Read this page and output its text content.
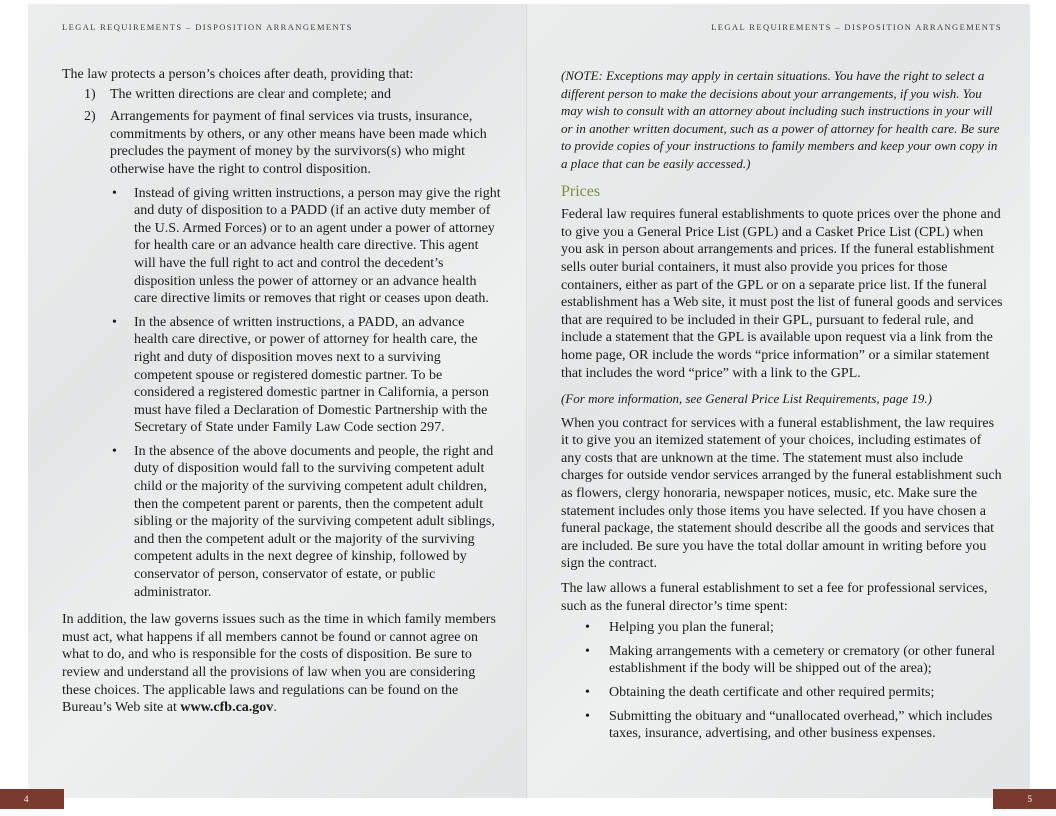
LEGAL REQUIREMENTS – DISPOSITION ARRANGEMENTS

The law protects a person’s choices after death, providing that:

1) The written directions are clear and complete; and
2) Arrangements for payment of final services via trusts, insurance, commitments by others, or any other means have been made which precludes the payment of money by the survivors(s) who might otherwise have the right to control disposition.
• Instead of giving written instructions, a person may give the right and duty of disposition to a PADD (if an active duty member of the U.S. Armed Forces) or to an agent under a power of attorney for health care or an advance health care directive. This agent will have the full right to act and control the decedent’s disposition unless the power of attorney or an advance health care directive limits or removes that right or ceases upon death.
• In the absence of written instructions, a PADD, an advance health care directive, or power of attorney for health care, the right and duty of disposition moves next to a surviving competent spouse or registered domestic partner. To be considered a registered domestic partner in California, a person must have filed a Declaration of Domestic Partnership with the Secretary of State under Family Law Code section 297.
• In the absence of the above documents and people, the right and duty of disposition would fall to the surviving competent adult child or the majority of the surviving competent adult children, then the competent parent or parents, then the competent adult sibling or the majority of the surviving competent adult siblings, and then the competent adult or the majority of the surviving competent adults in the next degree of kinship, followed by conservator of person, conservator of estate, or public administrator.

In addition, the law governs issues such as the time in which family members must act, what happens if all members cannot be found or cannot agree on what to do, and who is responsible for the costs of disposition. Be sure to review and understand all the provisions of law when you are considering these choices. The applicable laws and regulations can be found on the Bureau’s Web site at www.cfb.ca.gov.

LEGAL REQUIREMENTS – DISPOSITION ARRANGEMENTS

(NOTE: Exceptions may apply in certain situations. You have the right to select a different person to make the decisions about your arrangements, if you wish. You may wish to consult with an attorney about including such instructions in your will or in another written document, such as a power of attorney for health care. Be sure to provide copies of your instructions to family members and keep your own copy in a place that can be easily accessed.)

Prices

Federal law requires funeral establishments to quote prices over the phone and to give you a General Price List (GPL) and a Casket Price List (CPL) when you ask in person about arrangements and prices. If the funeral establishment sells outer burial containers, it must also provide you prices for those containers, either as part of the GPL or on a separate price list. If the funeral establishment has a Web site, it must post the list of funeral goods and services that are required to be included in their GPL, pursuant to federal rule, and include a statement that the GPL is available upon request via a link from the home page, OR include the words “price information” or a similar statement that includes the word “price” with a link to the GPL.

(For more information, see General Price List Requirements, page 19.)

When you contract for services with a funeral establishment, the law requires it to give you an itemized statement of your choices, including estimates of any costs that are unknown at the time. The statement must also include charges for outside vendor services arranged by the funeral establishment such as flowers, clergy honoraria, newspaper notices, music, etc. Make sure the statement includes only those items you have selected. If you have chosen a funeral package, the statement should describe all the goods and services that are included. Be sure you have the total dollar amount in writing before you sign the contract.

The law allows a funeral establishment to set a fee for professional services, such as the funeral director’s time spent:

• Helping you plan the funeral;
• Making arrangements with a cemetery or crematory (or other funeral establishment if the body will be shipped out of the area);
• Obtaining the death certificate and other required permits;
• Submitting the obituary and “unallocated overhead,” which includes taxes, insurance, advertising, and other business expenses.
4	5
